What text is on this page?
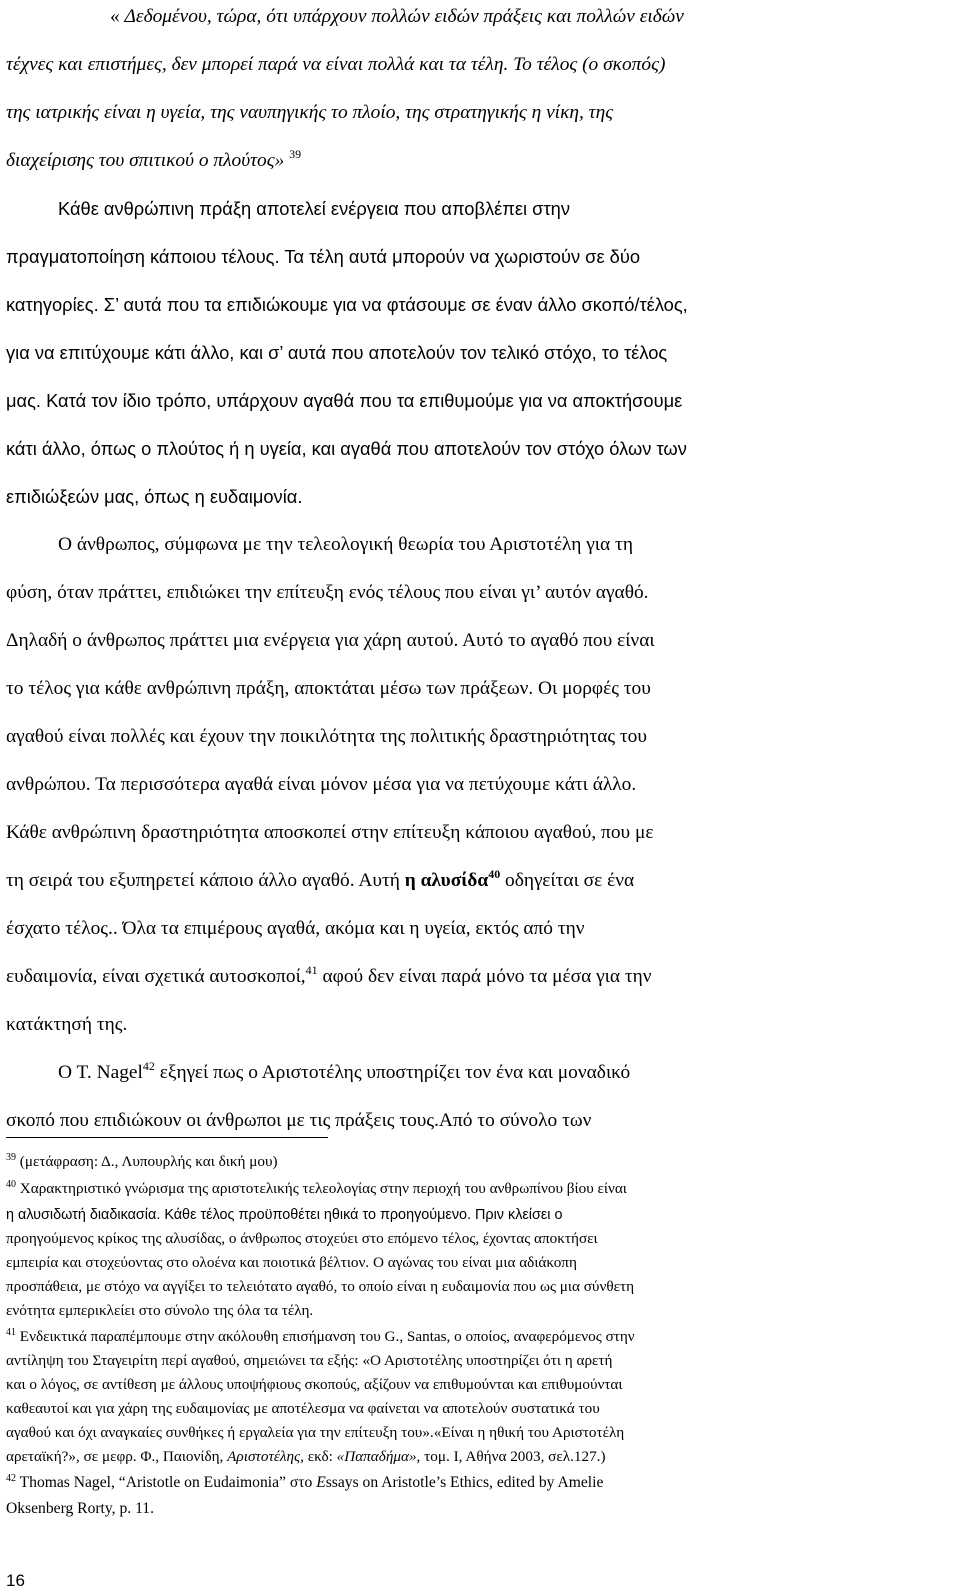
« Δεδομένου, τώρα, ότι υπάρχουν πολλών ειδών πράξεις και πολλών ειδών
τέχνες και επιστήμες, δεν μπορεί παρά να είναι πολλά και τα τέλη. Το τέλος (ο σκοπός)
της ιατρικής είναι η υγεία, της ναυπηγικής το πλοίο, της στρατηγικής η νίκη, της
διαχείρισης του σπιτικού ο πλούτος» $^{39}$
Κάθε ανθρώπινη πράξη αποτελεί ενέργεια που αποβλέπει στην
πραγματοποίηση κάποιου τέλους. Τα τέλη αυτά μπορούν να χωριστούν σε δύο
κατηγορίες. Σ’ αυτά που τα επιδιώκουμε για να φτάσουμε σε έναν άλλο σκοπό/τέλος,
για να επιτύχουμε κάτι άλλο, και σ’ αυτά που αποτελούν τον τελικό στόχο, το τέλος
μας. Κατά τον ίδιο τρόπο, υπάρχουν αγαθά που τα επιθυμούμε για να αποκτήσουμε
κάτι άλλο, όπως ο πλούτος ή η υγεία, και αγαθά που αποτελούν τον στόχο όλων των
επιδιώξεών μας, όπως η ευδαιμονία.
Ο άνθρωπος, σύμφωνα με την τελεολογική θεωρία του Αριστοτέλη για τη
φύση, όταν πράττει, επιδιώκει την επίτευξη ενός τέλους που είναι γι’ αυτόν αγαθό.
Δηλαδή ο άνθρωπος πράττει μια ενέργεια για χάρη αυτού. Αυτό το αγαθό που είναι
το τέλος για κάθε ανθρώπινη πράξη, αποκτάται μέσω των πράξεων. Οι μορφές του
αγαθού είναι πολλές και έχουν την ποικιλότητα της πολιτικής δραστηριότητας του
ανθρώπου. Τα περισσότερα αγαθά είναι μόνον μέσα για να πετύχουμε κάτι άλλο.
Κάθε ανθρώπινη δραστηριότητα αποσκοπεί στην επίτευξη κάποιου αγαθού, που με
τη σειρά του εξυπηρετεί κάποιο άλλο αγαθό. Αυτή η αλυσίδα$^{40}$ οδηγείται σε ένα
έσχατο τέλος.. Όλα τα επιμέρους αγαθά, ακόμα και η υγεία, εκτός από την
ευδαιμονία, είναι σχετικά αυτοσκοποί,$^{41}$ αφού δεν είναι παρά μόνο τα μέσα για την
κατάκτησή της.
Ο Τ. Nagel$^{42}$ εξηγεί πως ο Αριστοτέλης υποστηρίζει τον ένα και μοναδικό
σκοπό που επιδιώκουν οι άνθρωποι με τις πράξεις τους.Από το σύνολο των
$^{39}$ (μετάφραση: Δ., Λυπουρλής και δική μου)
$^{40}$ Χαρακτηριστικό γνώρισμα της αριστοτελικής τελεολογίας στην περιοχή του ανθρωπίνου βίου είναι
η αλυσιδωτή διαδικασία. Κάθε τέλος προϋποθέτει ηθικά το προηγούμενο. Πριν κλείσει ο
προηγούμενος κρίκος της αλυσίδας, ο άνθρωπος στοχεύει στο επόμενο τέλος, έχοντας αποκτήσει
εμπειρία και στοχεύοντας στο ολοένα και ποιοτικά βέλτιον. Ο αγώνας του είναι μια αδιάκοπη
προσπάθεια, με στόχο να αγγίξει το τελειότατο αγαθό, το οποίο είναι η ευδαιμονία που ως μια σύνθετη
ενότητα εμπερικλείει στο σύνολο της όλα τα τέλη.
$^{41}$ Ενδεικτικά παραπέμπουμε στην ακόλουθη επισήμανση του G., Santas, ο οποίος, αναφερόμενος στην
αντίληψη του Σταγειρίτη περί αγαθού, σημειώνει τα εξής: «Ο Αριστοτέλης υποστηρίζει ότι η αρετή
και ο λόγος, σε αντίθεση με άλλους υποψήφιους σκοπούς, αξίζουν να επιθυμούνται και επιθυμούνται
καθεαυτοί και για χάρη της ευδαιμονίας με αποτέλεσμα να φαίνεται να αποτελούν συστατικά του
αγαθού και όχι αναγκαίες συνθήκες ή εργαλεία για την επίτευξη του».«Είναι η ηθική του Αριστοτέλη
αρεταϊκή?», σε μεφρ. Φ., Παιονίδη, Αριστοτέλης, εκδ: «Παπαδήμα», τομ. Ι, Αθήνα 2003, σελ.127.)
$^{42}$ Thomas Nagel, “Aristotle on Eudaimonia” στο Essays on Aristotle’s Ethics, edited by Amelie
Oksenberg Rorty, p. 11.
16
